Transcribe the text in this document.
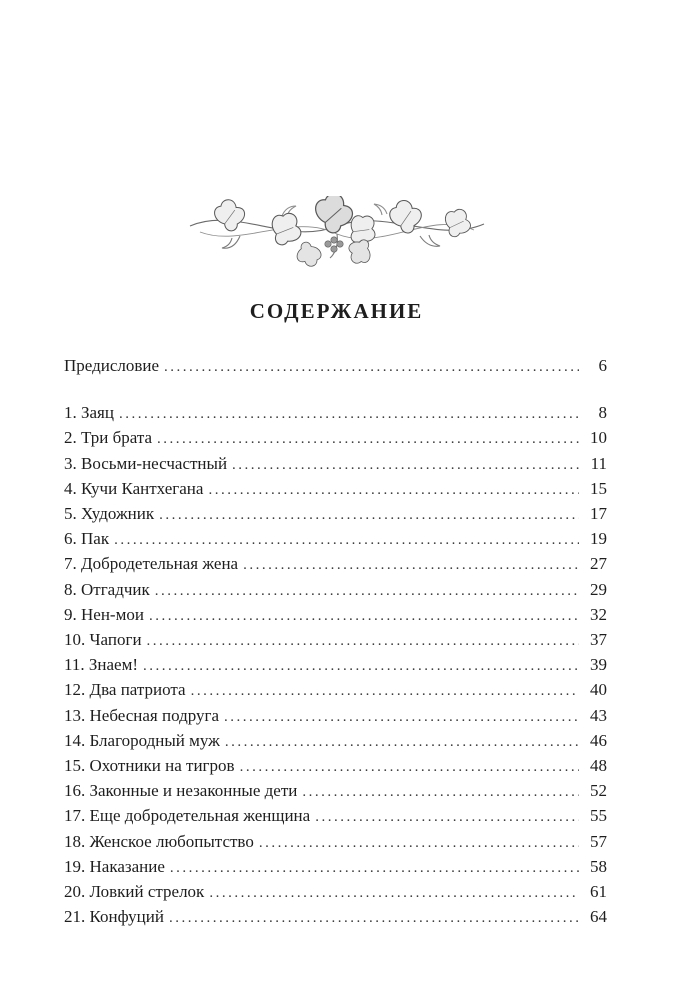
СОДЕРЖАНИЕ
Предисловие .....	6
1. Заяц .....	8
2. Три брата .....	10
3. Восьми-несчастный .....	11
4. Кучи Кантхегана .....	15
5. Художник .....	17
6. Пак .....	19
7. Добродетельная жена .....	27
8. Отгадчик .....	29
9. Нен-мои .....	32
10. Чапоги .....	37
11. Знаем! .....	39
12. Два патриота .....	40
13. Небесная подруга .....	43
14. Благородный муж .....	46
15. Охотники на тигров .....	48
16. Законные и незаконные дети .....	52
17. Еще добродетельная женщина .....	55
18. Женское любопытство .....	57
19. Наказание .....	58
20. Ловкий стрелок .....	61
21. Конфуций .....	64
